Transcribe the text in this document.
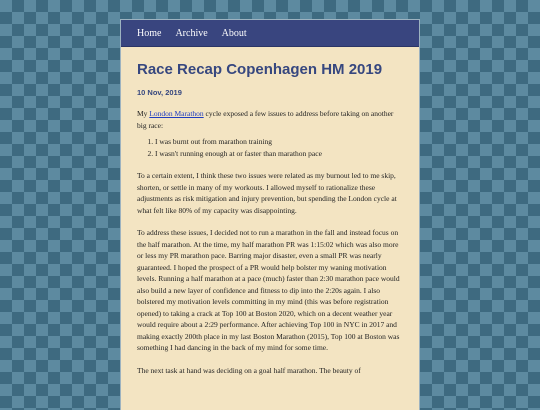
Home Archive About
Race Recap Copenhagen HM 2019
10 Nov, 2019

My London Marathon cycle exposed a few issues to address before taking on another big race:

1. I was burnt out from marathon training
2. I wasn't running enough at or faster than marathon pace

To a certain extent, I think these two issues were related as my burnout led to me skip, shorten, or settle in many of my workouts. I allowed myself to rationalize these adjustments as risk mitigation and injury prevention, but spending the London cycle at what felt like 80% of my capacity was disappointing.

To address these issues, I decided not to run a marathon in the fall and instead focus on the half marathon. At the time, my half marathon PR was 1:15:02 which was also more or less my PR marathon pace. Barring major disaster, even a small PR was nearly guaranteed. I hoped the prospect of a PR would help bolster my waning motivation levels. Running a half marathon at a pace (much) faster than 2:30 marathon pace would also build a new layer of confidence and fitness to dip into the 2:20s again. I also bolstered my motivation levels committing in my mind (this was before registration opened) to taking a crack at Top 100 at Boston 2020, which on a decent weather year would require about a 2:29 performance. After achieving Top 100 in NYC in 2017 and making exactly 200th place in my last Boston Marathon (2015), Top 100 at Boston was something I had dancing in the back of my mind for some time.

The next task at hand was deciding on a goal half marathon. The beauty of
